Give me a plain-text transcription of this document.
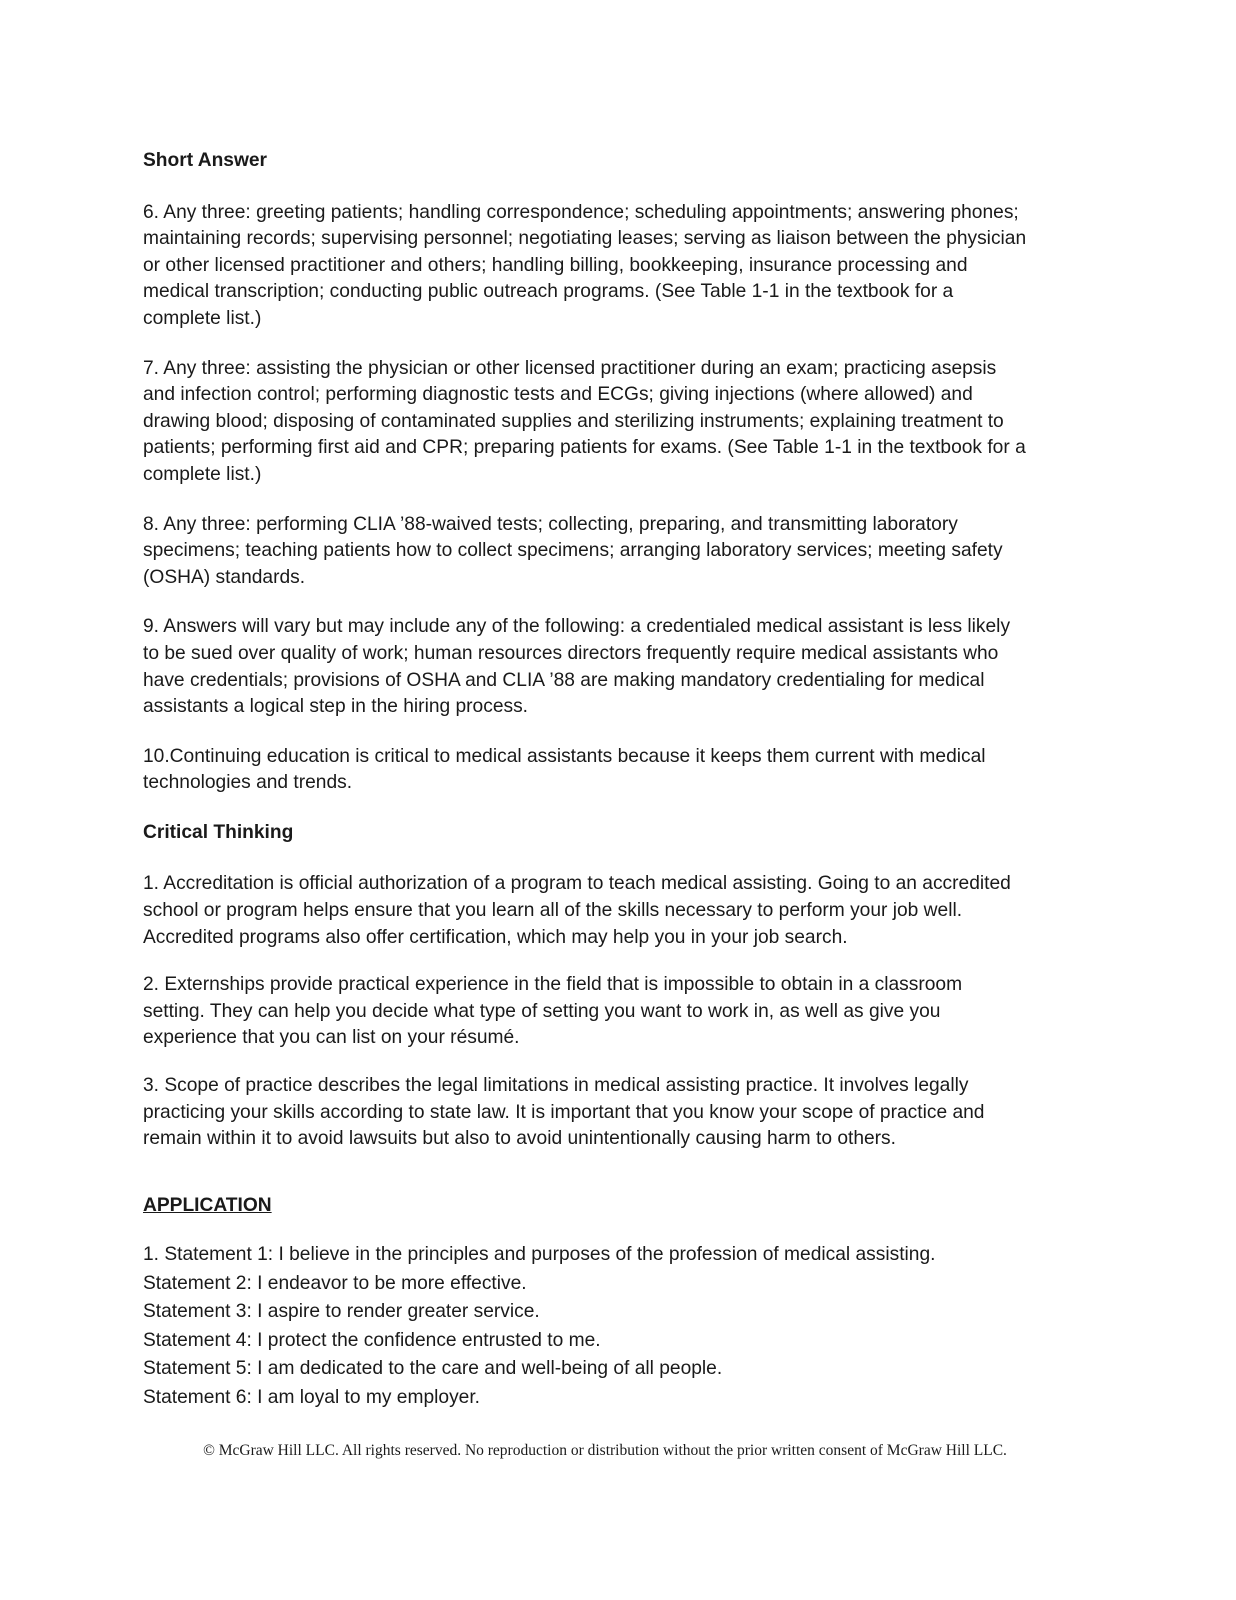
Short Answer

6. Any three: greeting patients; handling correspondence; scheduling appointments; answering phones;
maintaining records; supervising personnel; negotiating leases; serving as liaison between the physician
or other licensed practitioner and others; handling billing, bookkeeping, insurance processing and
medical transcription; conducting public outreach programs. (See Table 1-1 in the textbook for a
complete list.)

7. Any three: assisting the physician or other licensed practitioner during an exam; practicing asepsis
and infection control; performing diagnostic tests and ECGs; giving injections (where allowed) and
drawing blood; disposing of contaminated supplies and sterilizing instruments; explaining treatment to
patients; performing first aid and CPR; preparing patients for exams. (See Table 1-1 in the textbook for a
complete list.)

8. Any three: performing CLIA ’88-waived tests; collecting, preparing, and transmitting laboratory
specimens; teaching patients how to collect specimens; arranging laboratory services; meeting safety
(OSHA) standards.

9. Answers will vary but may include any of the following: a credentialed medical assistant is less likely
to be sued over quality of work; human resources directors frequently require medical assistants who
have credentials; provisions of OSHA and CLIA ’88 are making mandatory credentialing for medical
assistants a logical step in the hiring process.

10.Continuing education is critical to medical assistants because it keeps them current with medical
technologies and trends.

Critical Thinking

1. Accreditation is official authorization of a program to teach medical assisting. Going to an accredited
school or program helps ensure that you learn all of the skills necessary to perform your job well.
Accredited programs also offer certification, which may help you in your job search.

2. Externships provide practical experience in the field that is impossible to obtain in a classroom
setting. They can help you decide what type of setting you want to work in, as well as give you
experience that you can list on your résumé.

3. Scope of practice describes the legal limitations in medical assisting practice. It involves legally
practicing your skills according to state law. It is important that you know your scope of practice and
remain within it to avoid lawsuits but also to avoid unintentionally causing harm to others.

APPLICATION

1. Statement 1: I believe in the principles and purposes of the profession of medical assisting.
Statement 2: I endeavor to be more effective.
Statement 3: I aspire to render greater service.
Statement 4: I protect the confidence entrusted to me.
Statement 5: I am dedicated to the care and well-being of all people.
Statement 6: I am loyal to my employer.

© McGraw Hill LLC. All rights reserved. No reproduction or distribution without the prior written consent of McGraw Hill LLC.
